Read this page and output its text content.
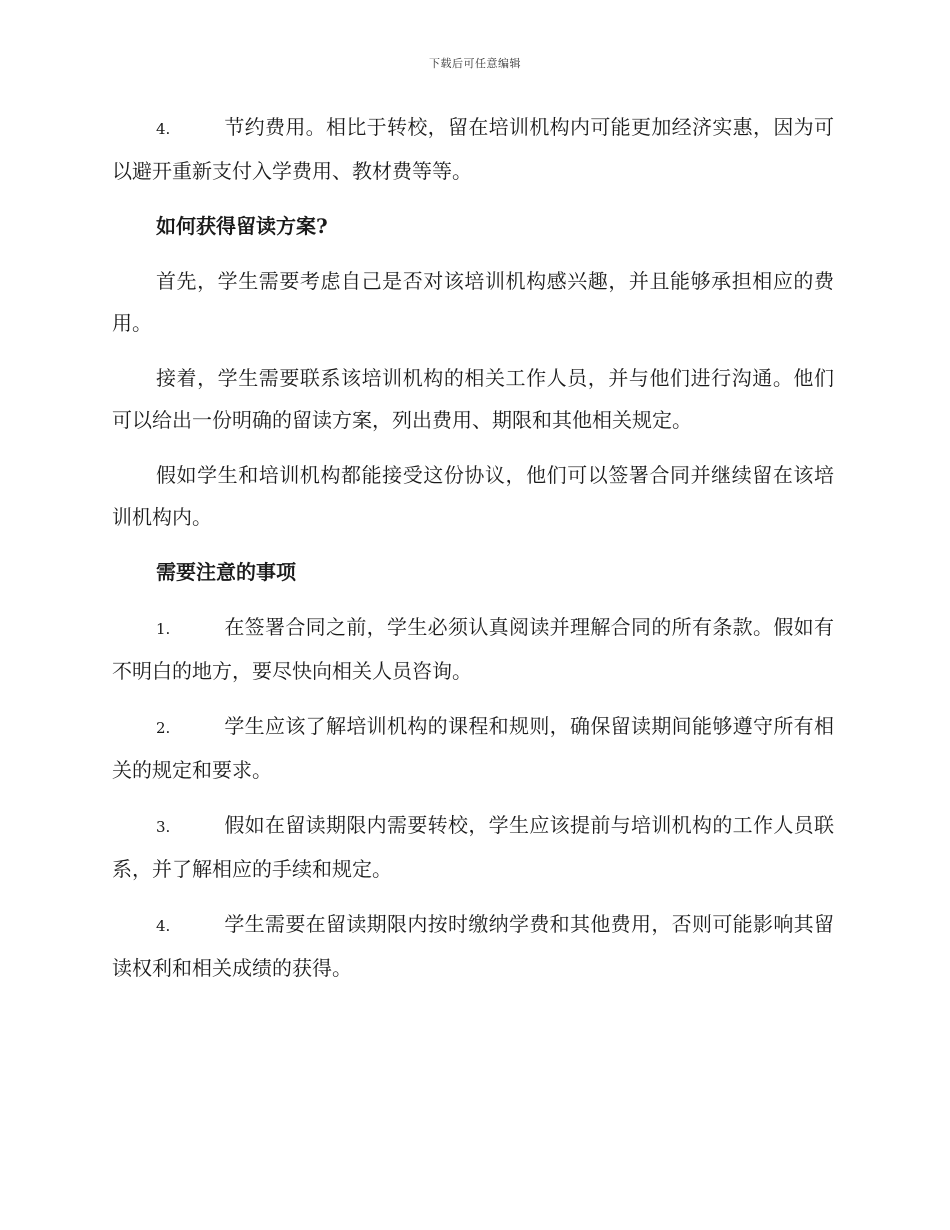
下载后可任意编辑

4.	节约费用。相比于转校，留在培训机构内可能更加经济实惠，因为可以避开重新支付入学费用、教材费等等。

如何获得留读方案?

首先，学生需要考虑自己是否对该培训机构感兴趣，并且能够承担相应的费用。

接着，学生需要联系该培训机构的相关工作人员，并与他们进行沟通。他们可以给出一份明确的留读方案，列出费用、期限和其他相关规定。

假如学生和培训机构都能接受这份协议，他们可以签署合同并继续留在该培训机构内。

需要注意的事项

1.	在签署合同之前，学生必须认真阅读并理解合同的所有条款。假如有不明白的地方，要尽快向相关人员咨询。

2.	学生应该了解培训机构的课程和规则，确保留读期间能够遵守所有相关的规定和要求。

3.	假如在留读期限内需要转校，学生应该提前与培训机构的工作人员联系，并了解相应的手续和规定。

4.	学生需要在留读期限内按时缴纳学费和其他费用，否则可能影响其留读权利和相关成绩的获得。
